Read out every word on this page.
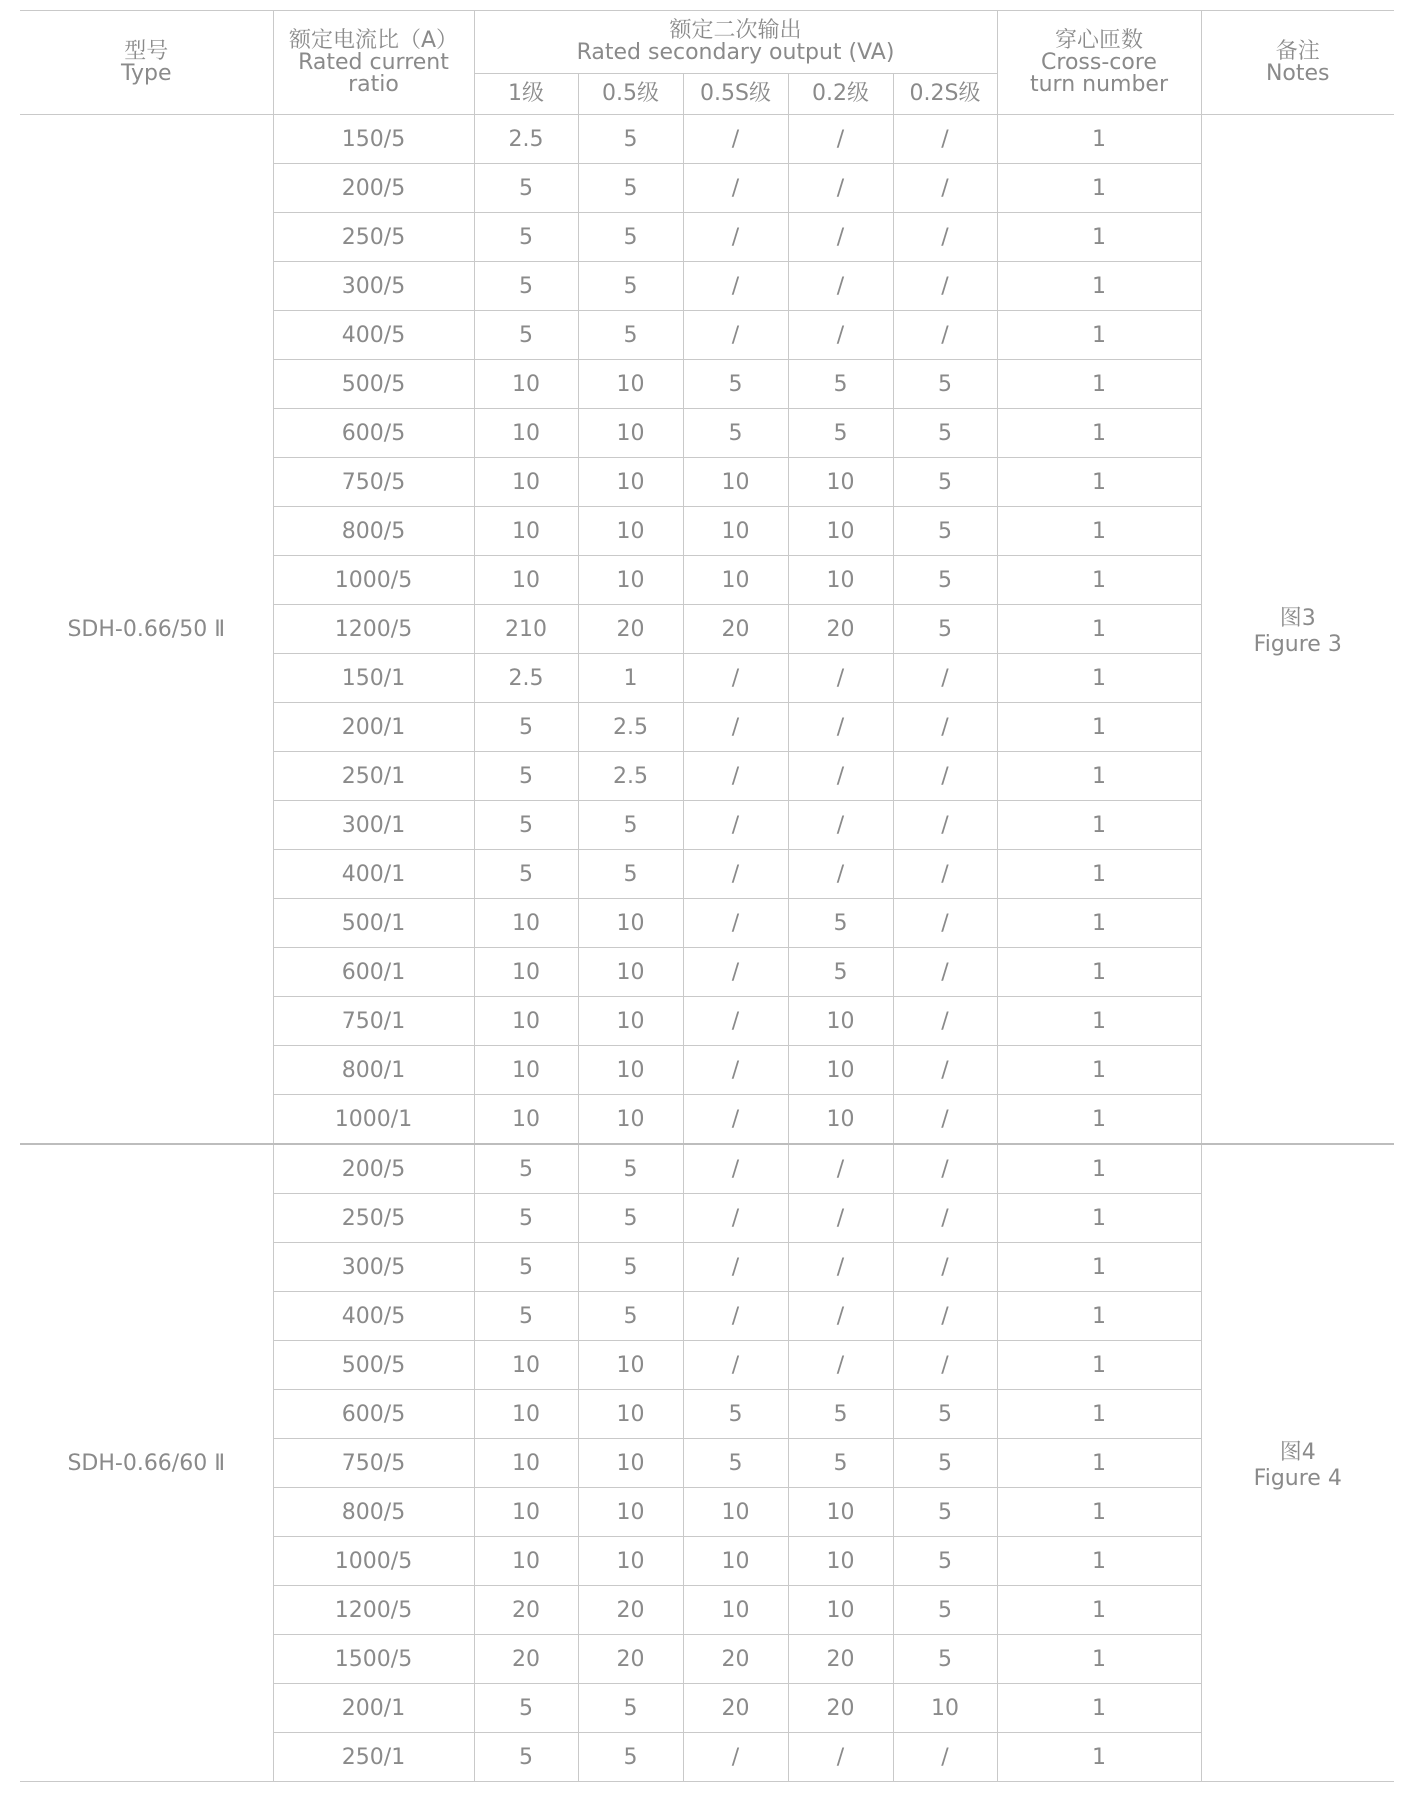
型号
Type	额定电流比（A）
Rated current
ratio	额定二次输出
Rated secondary output (VA)					穿心匝数
Cross-core
turn number	备注
Notes

		1级	0.5级	0.5S级	0.2级	0.2S级		
SDH-0.66/50 Ⅱ	150/5	2.5	5	/	/	/	1	图3
Figure 3

	200/5	5	5	/	/	/	1	
	250/5	5	5	/	/	/	1	
	300/5	5	5	/	/	/	1	
	400/5	5	5	/	/	/	1	
	500/5	10	10	5	5	5	1	
	600/5	10	10	5	5	5	1	
	750/5	10	10	10	10	5	1	
	800/5	10	10	10	10	5	1	
	1000/5	10	10	10	10	5	1	
	1200/5	210	20	20	20	5	1	
	150/1	2.5	1	/	/	/	1	
	200/1	5	2.5	/	/	/	1	
	250/1	5	2.5	/	/	/	1	
	300/1	5	5	/	/	/	1	
	400/1	5	5	/	/	/	1	
	500/1	10	10	/	5	/	1	
	600/1	10	10	/	5	/	1	
	750/1	10	10	/	10	/	1	
	800/1	10	10	/	10	/	1	
	1000/1	10	10	/	10	/	1	
SDH-0.66/60 Ⅱ	200/5	5	5	/	/	/	1	图4
Figure 4

	250/5	5	5	/	/	/	1	
	300/5	5	5	/	/	/	1	
	400/5	5	5	/	/	/	1	
	500/5	10	10	/	/	/	1	
	600/5	10	10	5	5	5	1	
	750/5	10	10	5	5	5	1	
	800/5	10	10	10	10	5	1	
	1000/5	10	10	10	10	5	1	
	1200/5	20	20	10	10	5	1	
	1500/5	20	20	20	20	5	1	
	200/1	5	5	20	20	10	1	
	250/1	5	5	/	/	/	1	
